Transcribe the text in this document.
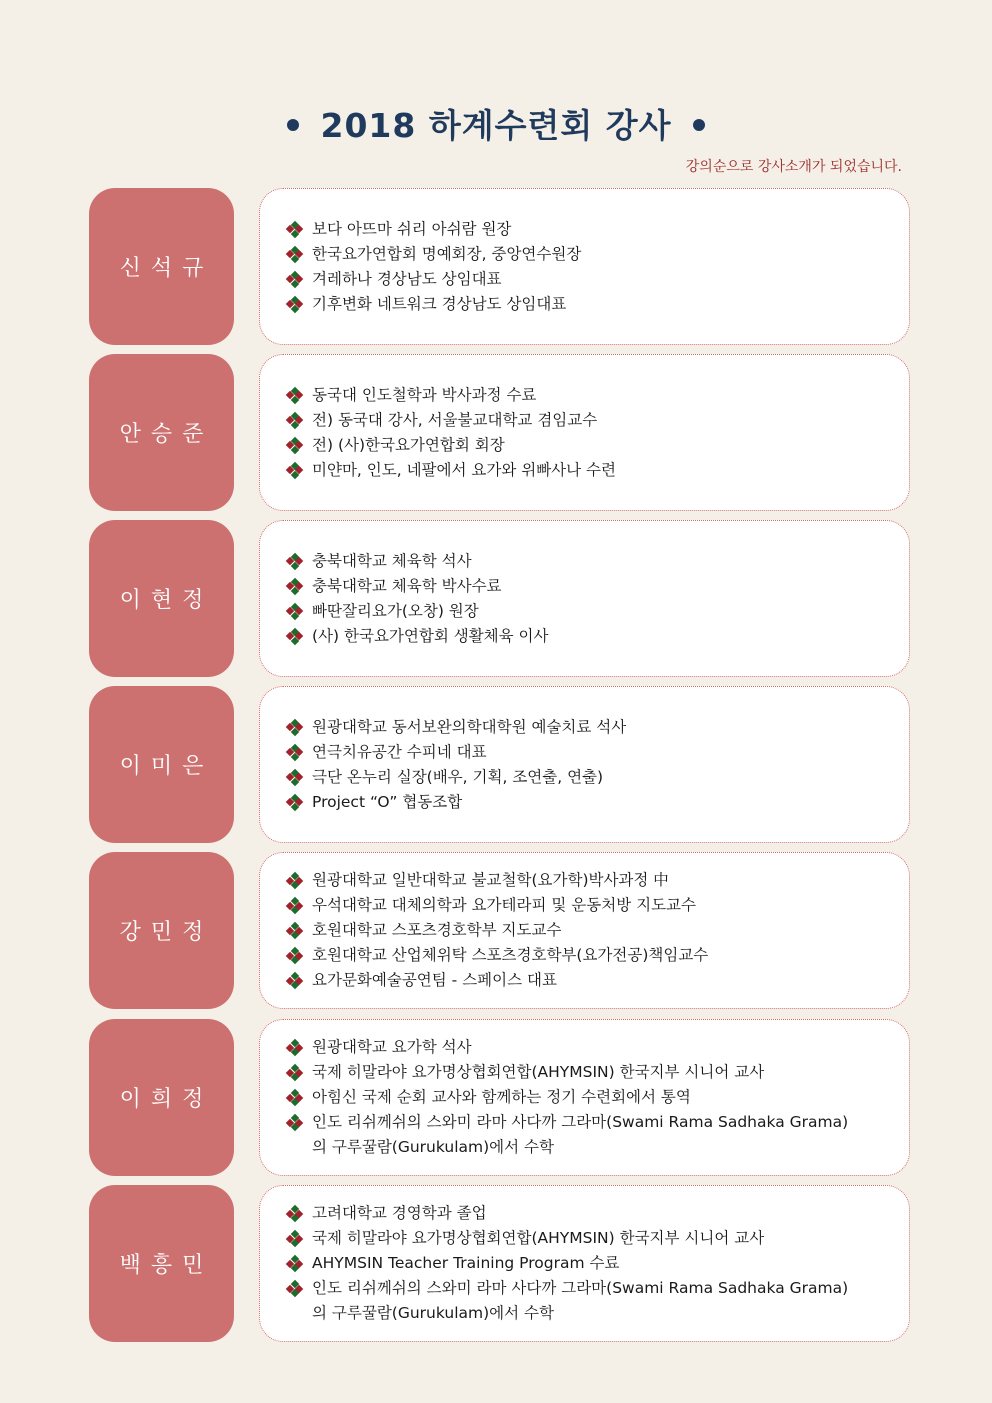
2018 하계수련회 강사
강의순으로 강사소개가 되었습니다.
신석규
보다 아뜨마 쉬리 아쉬람 원장
한국요가연합회 명예회장, 중앙연수원장
겨레하나 경상남도 상임대표
기후변화 네트워크 경상남도 상임대표
안승준
동국대 인도철학과 박사과정 수료
전) 동국대 강사, 서울불교대학교 겸임교수
전) (사)한국요가연합회 회장
미얀마, 인도, 네팔에서 요가와 위빠사나 수련
이현정
충북대학교 체육학 석사
충북대학교 체육학 박사수료
빠딴잘리요가(오창) 원장
(사) 한국요가연합회 생활체육 이사
이미은
원광대학교 동서보완의학대학원 예술치료 석사
연극치유공간 수피네 대표
극단 온누리 실장(배우, 기획, 조연출, 연출)
Project “O” 협동조합
강민정
원광대학교 일반대학교 불교철학(요가학)박사과정 中
우석대학교 대체의학과 요가테라피 및 운동처방 지도교수
호원대학교 스포츠경호학부 지도교수
호원대학교 산업체위탁 스포츠경호학부(요가전공)책임교수
요가문화예술공연팀 - 스페이스 대표
이희정
원광대학교 요가학 석사
국제 히말라야 요가명상협회연합(AHYMSIN) 한국지부 시니어 교사
아힘신 국제 순회 교사와 함께하는 정기 수련회에서 통역
인도 리쉬께쉬의 스와미 라마 사다까 그라마(Swami Rama Sadhaka Grama)의 구루꿀람(Gurukulam)에서 수학
백흥민
고려대학교 경영학과 졸업
국제 히말라야 요가명상협회연합(AHYMSIN) 한국지부 시니어 교사
AHYMSIN Teacher Training Program 수료
인도 리쉬께쉬의 스와미 라마 사다까 그라마(Swami Rama Sadhaka Grama)의 구루꿀람(Gurukulam)에서 수학
